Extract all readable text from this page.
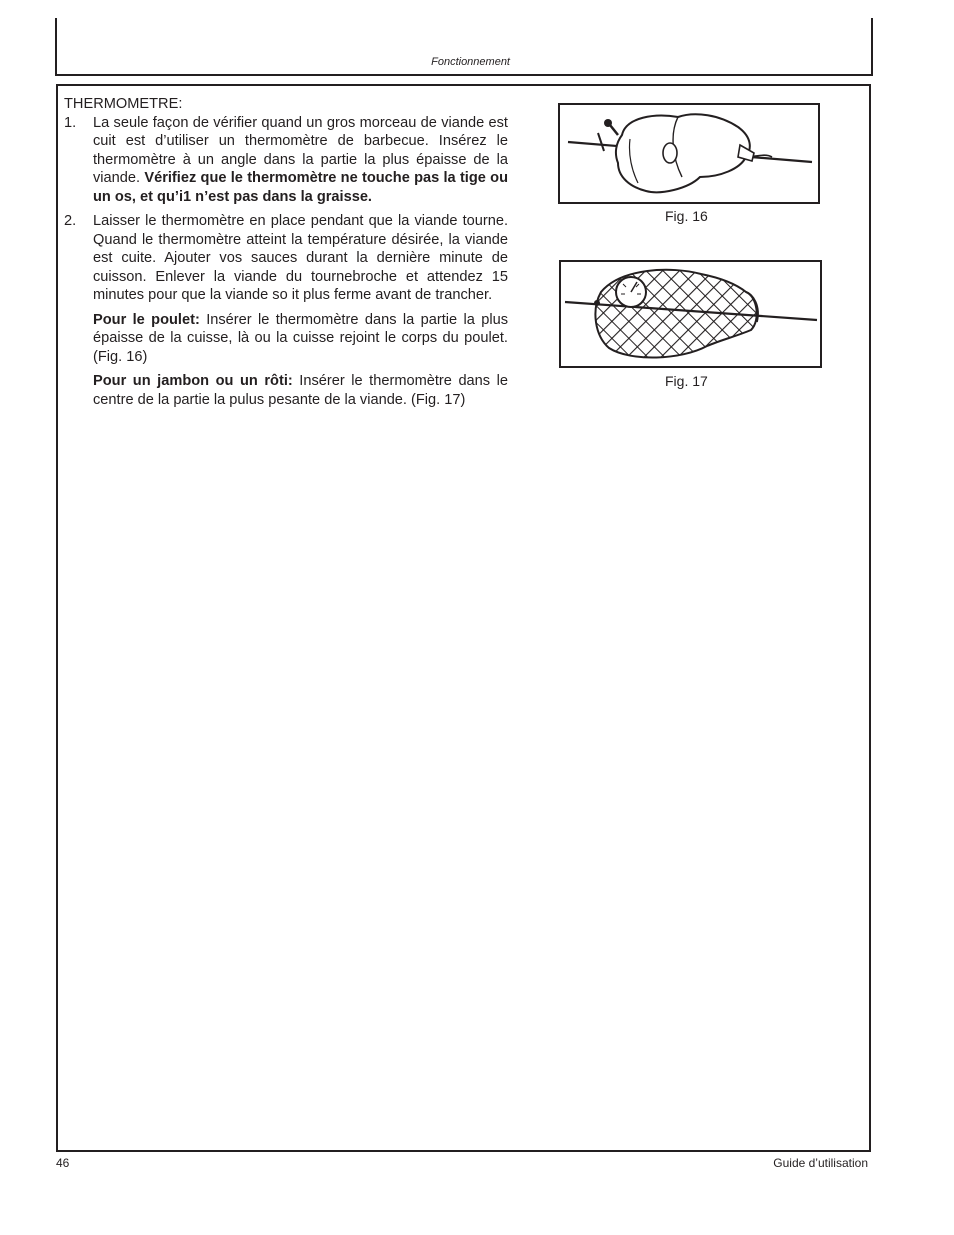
Fonctionnement
THERMOMETRE:
1. La seule façon de vérifier quand un gros morceau de viande est cuit est d’utiliser un thermomètre de barbecue. Insérez le thermomètre à un angle dans la partie la plus épaisse de la viande. Vérifiez que le thermomètre ne touche pas la tige ou un os, et qu’i1 n’est pas dans la graisse.
2. Laisser le thermomètre en place pendant que la viande tourne. Quand le thermomètre atteint la température désirée, la viande est cuite. Ajouter vos sauces durant la dernière minute de cuisson. Enlever la viande du tournebroche et attendez 15 minutes pour que la viande so it plus ferme avant de trancher.
Pour le poulet: Insérer le thermomètre dans la partie la plus épaisse de la cuisse, là ou la cuisse rejoint le corps du poulet. (Fig. 16)
Pour un jambon ou un rôti: Insérer le thermomètre dans le centre de la partie la pulus pesante de la viande. (Fig. 17)
Fig. 16
Fig. 17
46	Guide d’utilisation
